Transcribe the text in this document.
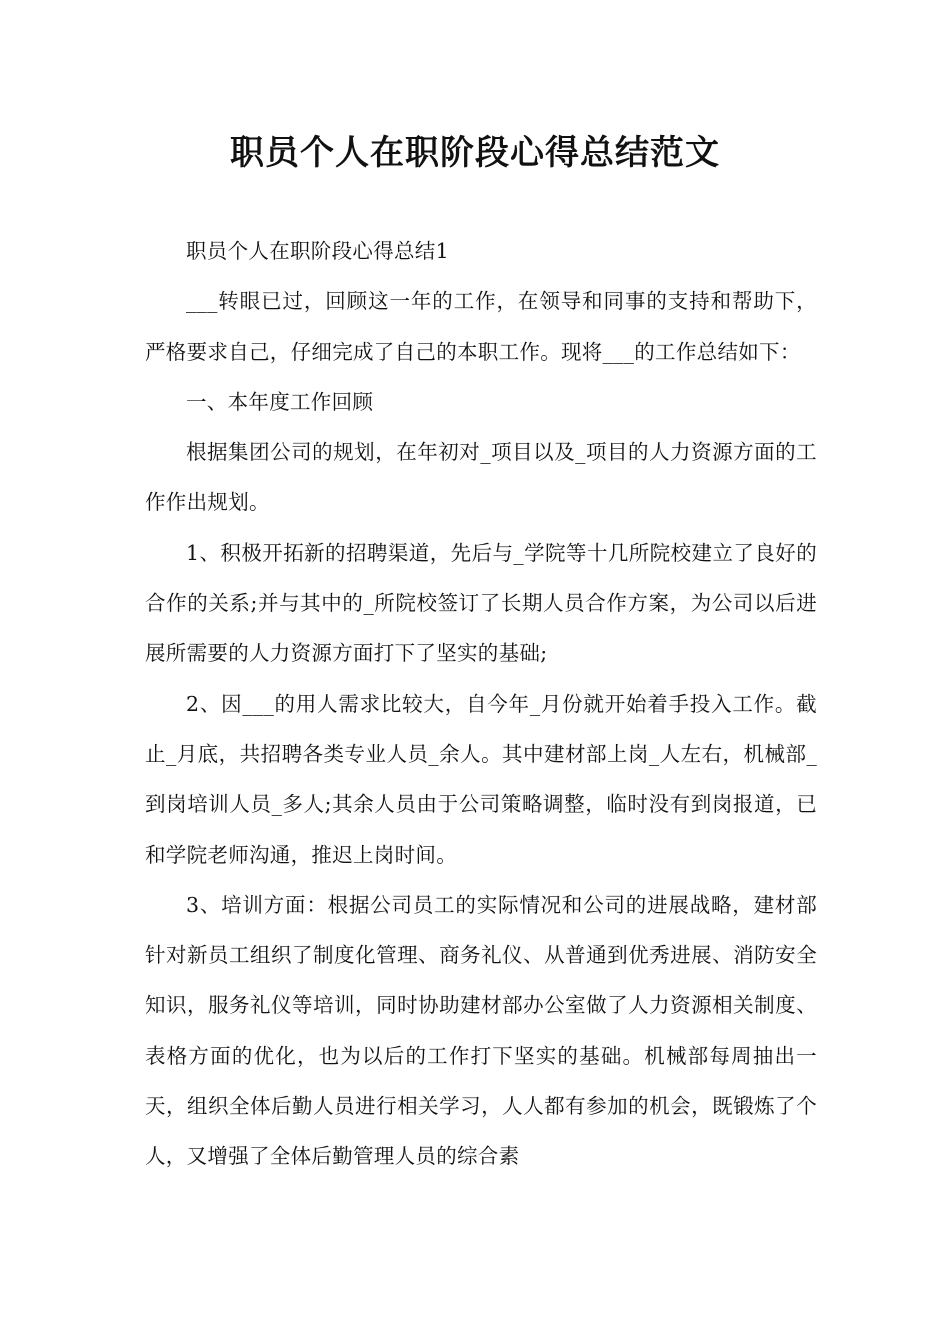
职员个人在职阶段心得总结范文

职员个人在职阶段心得总结1

___转眼已过，回顾这一年的工作，在领导和同事的支持和帮助下，严格要求自己，仔细完成了自己的本职工作。现将___的工作总结如下：

一、本年度工作回顾

根据集团公司的规划，在年初对_项目以及_项目的人力资源方面的工作作出规划。

1、积极开拓新的招聘渠道，先后与_学院等十几所院校建立了良好的合作的关系;并与其中的_所院校签订了长期人员合作方案，为公司以后进展所需要的人力资源方面打下了坚实的基础;

2、因___的用人需求比较大，自今年_月份就开始着手投入工作。截止_月底，共招聘各类专业人员_余人。其中建材部上岗_人左右，机械部_到岗培训人员_多人;其余人员由于公司策略调整，临时没有到岗报道，已和学院老师沟通，推迟上岗时间。

3、培训方面：根据公司员工的实际情况和公司的进展战略，建材部针对新员工组织了制度化管理、商务礼仪、从普通到优秀进展、消防安全知识，服务礼仪等培训，同时协助建材部办公室做了人力资源相关制度、表格方面的优化，也为以后的工作打下坚实的基础。机械部每周抽出一天，组织全体后勤人员进行相关学习，人人都有参加的机会，既锻炼了个人，又增强了全体后勤管理人员的综合素
